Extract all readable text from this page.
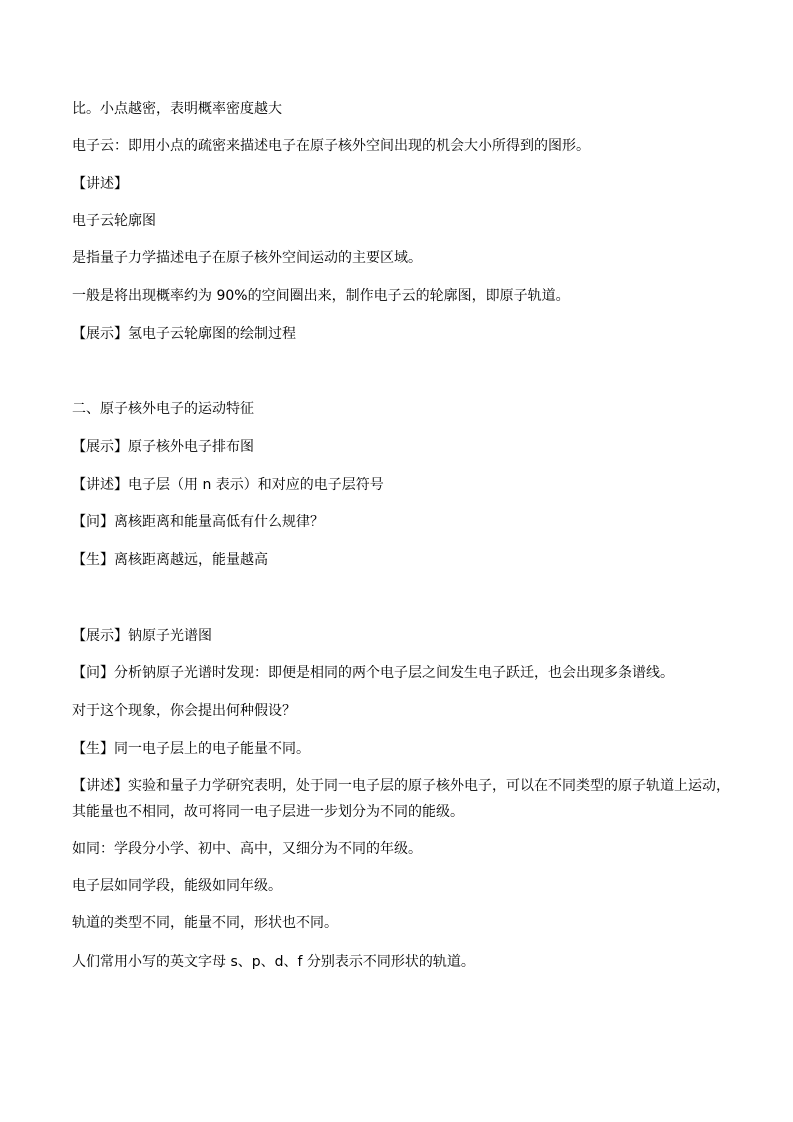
比。小点越密，表明概率密度越大
电子云：即用小点的疏密来描述电子在原子核外空间出现的机会大小所得到的图形。
【讲述】
电子云轮廓图
是指量子力学描述电子在原子核外空间运动的主要区域。
一般是将出现概率约为 90%的空间圈出来，制作电子云的轮廓图，即原子轨道。
【展示】氢电子云轮廓图的绘制过程
二、原子核外电子的运动特征
【展示】原子核外电子排布图
【讲述】电子层（用 n 表示）和对应的电子层符号
【问】离核距离和能量高低有什么规律？
【生】离核距离越远，能量越高
【展示】钠原子光谱图
【问】分析钠原子光谱时发现：即便是相同的两个电子层之间发生电子跃迁，也会出现多条谱线。
对于这个现象，你会提出何种假设？
【生】同一电子层上的电子能量不同。
【讲述】实验和量子力学研究表明，处于同一电子层的原子核外电子，可以在不同类型的原子轨道上运动，其能量也不相同，故可将同一电子层进一步划分为不同的能级。
如同：学段分小学、初中、高中，又细分为不同的年级。
电子层如同学段，能级如同年级。
轨道的类型不同，能量不同，形状也不同。
人们常用小写的英文字母 s、p、d、f 分别表示不同形状的轨道。
